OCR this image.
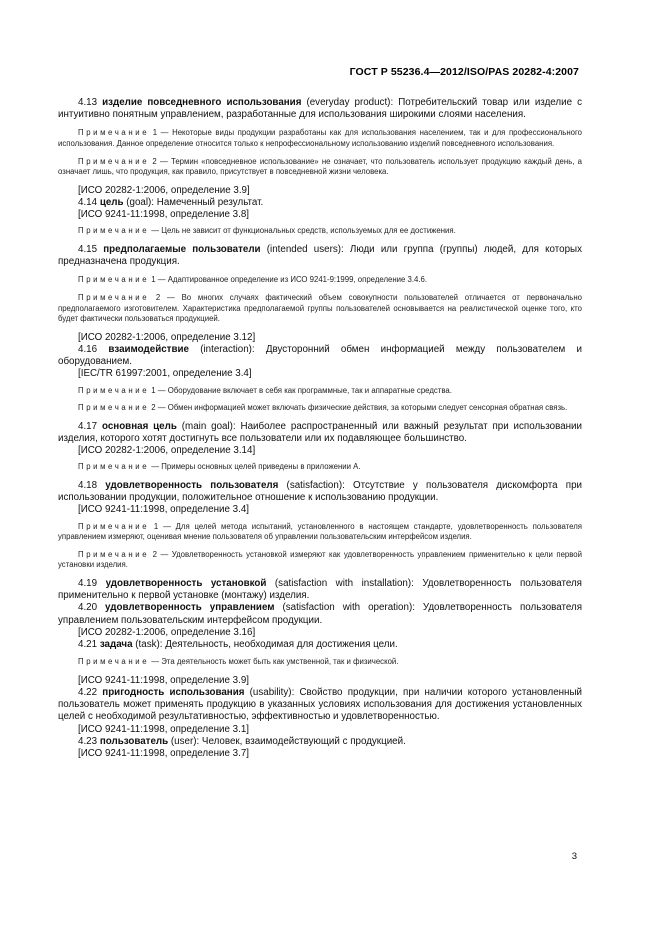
ГОСТ Р 55236.4—2012/ISO/PAS 20282-4:2007

4.13 изделие повседневного использования (everyday product): Потребительский товар или изделие с интуитивно понятным управлением, разработанные для использования широкими слоями населения.

Примечание 1 — Некоторые виды продукции разработаны как для использования населением, так и для профессионального использования. Данное определение относится только к непрофессиональному использованию изделий повседневного использования.

Примечание 2 — Термин «повседневное использование» не означает, что пользователь использует продукцию каждый день, а означает лишь, что продукция, как правило, присутствует в повседневной жизни человека.

[ИСО 20282-1:2006, определение 3.9]

4.14 цель (goal): Намеченный результат.

[ИСО 9241-11:1998, определение 3.8]

Примечание — Цель не зависит от функциональных средств, используемых для ее достижения.

4.15 предполагаемые пользователи (intended users): Люди или группа (группы) людей, для которых предназначена продукция.

Примечание 1 — Адаптированное определение из ИСО 9241-9:1999, определение 3.4.6.

Примечание 2 — Во многих случаях фактический объем совокупности пользователей отличается от первоначально предполагаемого изготовителем. Характеристика предполагаемой группы пользователей основывается на реалистической оценке того, кто будет фактически пользоваться продукцией.

[ИСО 20282-1:2006, определение 3.12]

4.16 взаимодействие (interaction): Двусторонний обмен информацией между пользователем и оборудованием.

[IEC/TR 61997:2001, определение 3.4]

Примечание 1 — Оборудование включает в себя как программные, так и аппаратные средства.

Примечание 2 — Обмен информацией может включать физические действия, за которыми следует сенсорная обратная связь.

4.17 основная цель (main goal): Наиболее распространенный или важный результат при использовании изделия, которого хотят достигнуть все пользователи или их подавляющее большинство.

[ИСО 20282-1:2006, определение 3.14]

Примечание — Примеры основных целей приведены в приложении А.

4.18 удовлетворенность пользователя (satisfaction): Отсутствие у пользователя дискомфорта при использовании продукции, положительное отношение к использованию продукции.

[ИСО 9241-11:1998, определение 3.4]

Примечание 1 — Для целей метода испытаний, установленного в настоящем стандарте, удовлетворенность пользователя управлением измеряют, оценивая мнение пользователя об управлении пользовательским интерфейсом изделия.

Примечание 2 — Удовлетворенность установкой измеряют как удовлетворенность управлением применительно к цели первой установки изделия.

4.19 удовлетворенность установкой (satisfaction with installation): Удовлетворенность пользователя применительно к первой установке (монтажу) изделия.

4.20 удовлетворенность управлением (satisfaction with operation): Удовлетворенность пользователя управлением пользовательским интерфейсом продукции.

[ИСО 20282-1:2006, определение 3.16]

4.21 задача (task): Деятельность, необходимая для достижения цели.

Примечание — Эта деятельность может быть как умственной, так и физической.

[ИСО 9241-11:1998, определение 3.9]

4.22 пригодность использования (usability): Свойство продукции, при наличии которого установленный пользователь может применять продукцию в указанных условиях использования для достижения установленных целей с необходимой результативностью, эффективностью и удовлетворенностью.

[ИСО 9241-11:1998, определение 3.1]

4.23 пользователь (user): Человек, взаимодействующий с продукцией.

[ИСО 9241-11:1998, определение 3.7]

3
